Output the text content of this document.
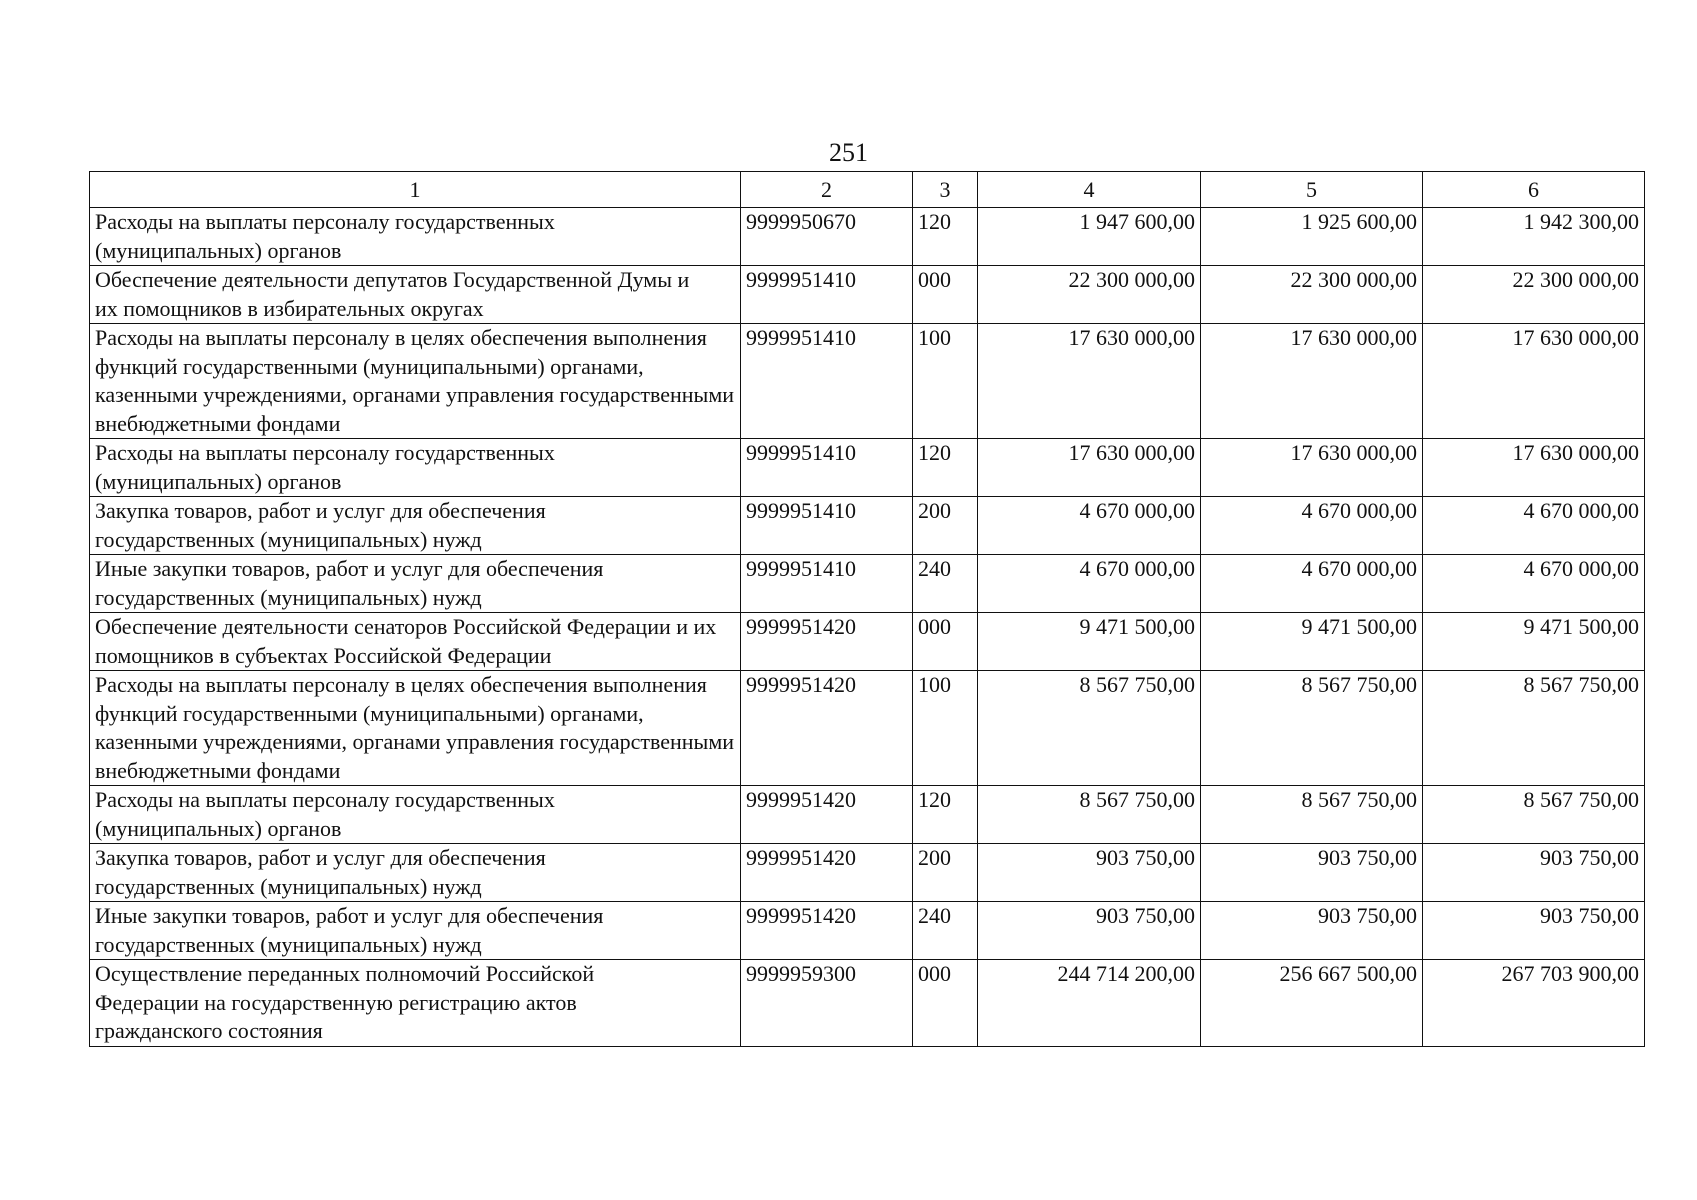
251
1	2	3	4	5	6

Расходы на выплаты персоналу государственных (муниципальных) органов	9999950670	120	1 947 600,00	1 925 600,00	1 942 300,00

Обеспечение деятельности депутатов Государственной Думы и их помощников в избирательных округах	9999951410	000	22 300 000,00	22 300 000,00	22 300 000,00

Расходы на выплаты персоналу в целях обеспечения выполнения функций государственными (муниципальными) органами, казенными учреждениями, органами управления государственными внебюджетными фондами	9999951410	100	17 630 000,00	17 630 000,00	17 630 000,00

Расходы на выплаты персоналу государственных (муниципальных) органов	9999951410	120	17 630 000,00	17 630 000,00	17 630 000,00

Закупка товаров, работ и услуг для обеспечения государственных (муниципальных) нужд	9999951410	200	4 670 000,00	4 670 000,00	4 670 000,00

Иные закупки товаров, работ и услуг для обеспечения государственных (муниципальных) нужд	9999951410	240	4 670 000,00	4 670 000,00	4 670 000,00

Обеспечение деятельности сенаторов Российской Федерации и их помощников в субъектах Российской Федерации	9999951420	000	9 471 500,00	9 471 500,00	9 471 500,00

Расходы на выплаты персоналу в целях обеспечения выполнения функций государственными (муниципальными) органами, казенными учреждениями, органами управления государственными внебюджетными фондами	9999951420	100	8 567 750,00	8 567 750,00	8 567 750,00

Расходы на выплаты персоналу государственных (муниципальных) органов	9999951420	120	8 567 750,00	8 567 750,00	8 567 750,00

Закупка товаров, работ и услуг для обеспечения государственных (муниципальных) нужд	9999951420	200	903 750,00	903 750,00	903 750,00

Иные закупки товаров, работ и услуг для обеспечения государственных (муниципальных) нужд	9999951420	240	903 750,00	903 750,00	903 750,00

Осуществление переданных полномочий Российской Федерации на государственную регистрацию актов гражданского состояния	9999959300	000	244 714 200,00	256 667 500,00	267 703 900,00
